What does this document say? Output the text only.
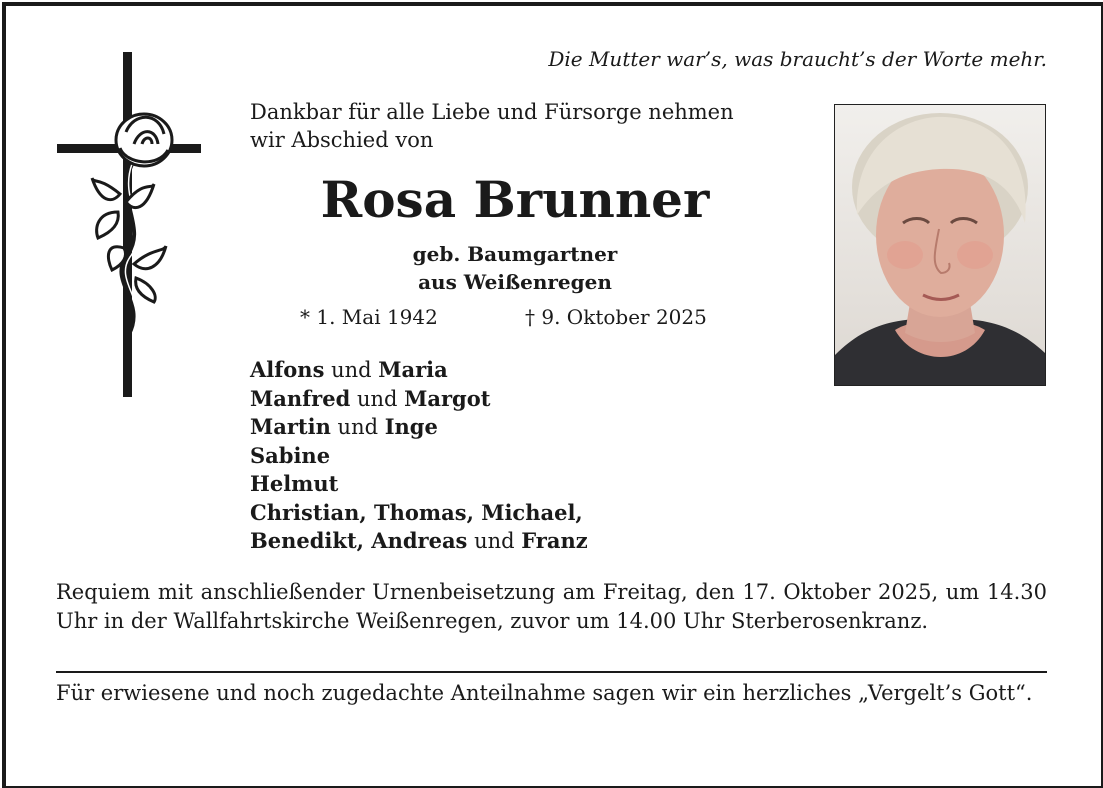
Die Mutter war’s, was braucht’s der Worte mehr.
Dankbar für alle Liebe und Fürsorge nehmen
wir Abschied von
Rosa Brunner
geb. Baumgartner
aus Weißenregen
* 1. Mai 1942	† 9. Oktober 2025
Alfons und Maria
Manfred und Margot
Martin und Inge
Sabine
Helmut
Christian, Thomas, Michael,
Benedikt, Andreas und Franz
Requiem mit anschließender Urnenbeisetzung am Freitag, den 17. Oktober 2025, um 14.30 Uhr in der Wallfahrtskirche Weißenregen, zuvor um 14.00 Uhr Sterberosenkranz.
Für erwiesene und noch zugedachte Anteilnahme sagen wir ein herzliches „Vergelt’s Gott“.
